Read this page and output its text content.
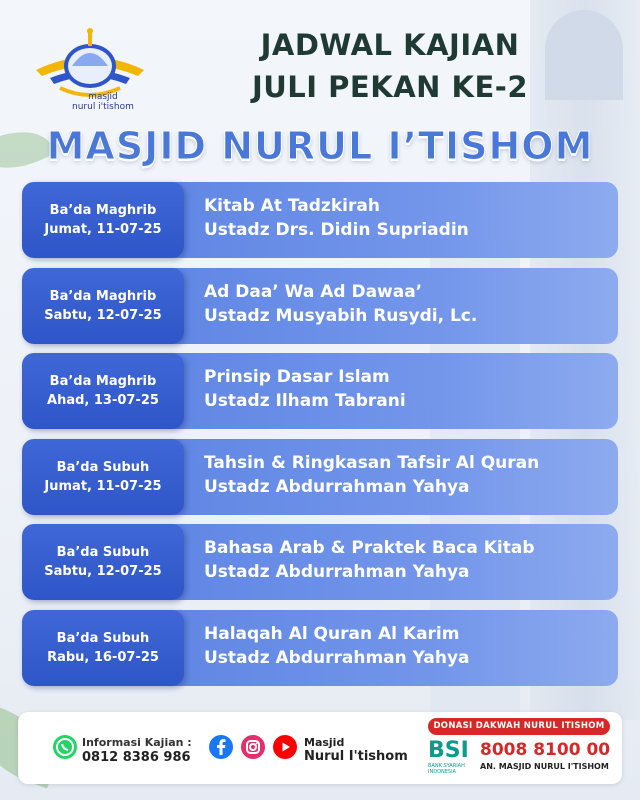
masjid
nurul i'tishom
JADWAL KAJIAN
JULI PEKAN KE-2
MASJID NURUL I’TISHOM
Ba’da Maghrib
Jumat, 11-07-25
Kitab At Tadzkirah
Ustadz Drs. Didin Supriadin
Ba’da Maghrib
Sabtu, 12-07-25
Ad Daa’ Wa Ad Dawaa’
Ustadz Musyabih Rusydi, Lc.
Ba’da Maghrib
Ahad, 13-07-25
Prinsip Dasar Islam
Ustadz Ilham Tabrani
Ba’da Subuh
Jumat, 11-07-25
Tahsin & Ringkasan Tafsir Al Quran
Ustadz Abdurrahman Yahya
Ba’da Subuh
Sabtu, 12-07-25
Bahasa Arab & Praktek Baca Kitab
Ustadz Abdurrahman Yahya
Ba’da Subuh
Rabu, 16-07-25
Halaqah Al Quran Al Karim
Ustadz Abdurrahman Yahya
Informasi Kajian :
0812 8386 986
Masjid
Nurul I'tishom
DONASI DAKWAH NURUL ITISHOM
BSI
BANK SYARIAH INDONESIA
8008 8100 00
AN. MASJID NURUL I'TISHOM
